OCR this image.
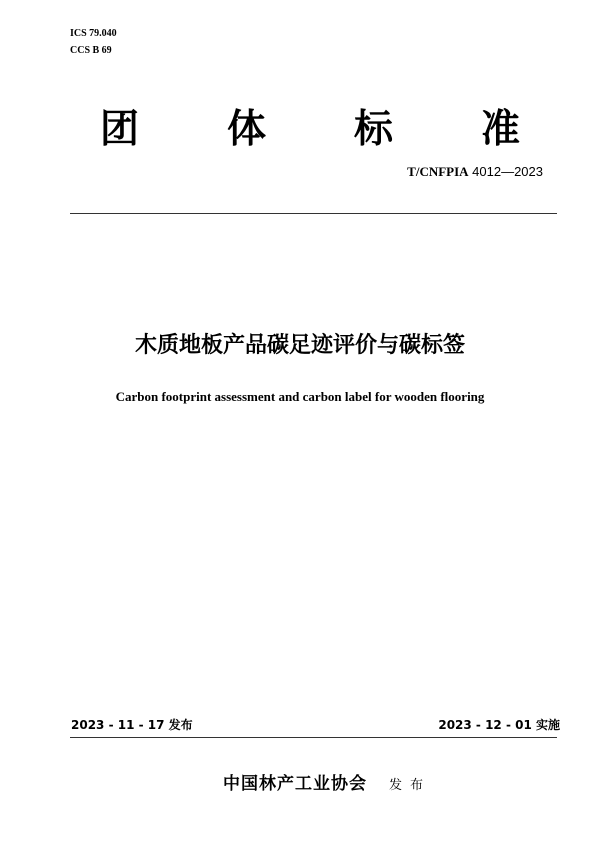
ICS 79.040
CCS B 69
团 体 标 准
T/CNFPIA 4012—2023
木质地板产品碳足迹评价与碳标签
Carbon footprint assessment and carbon label for wooden flooring
2023 - 11 - 17 发布	2023 - 12 - 01 实施
中国林产工业协会 发布
